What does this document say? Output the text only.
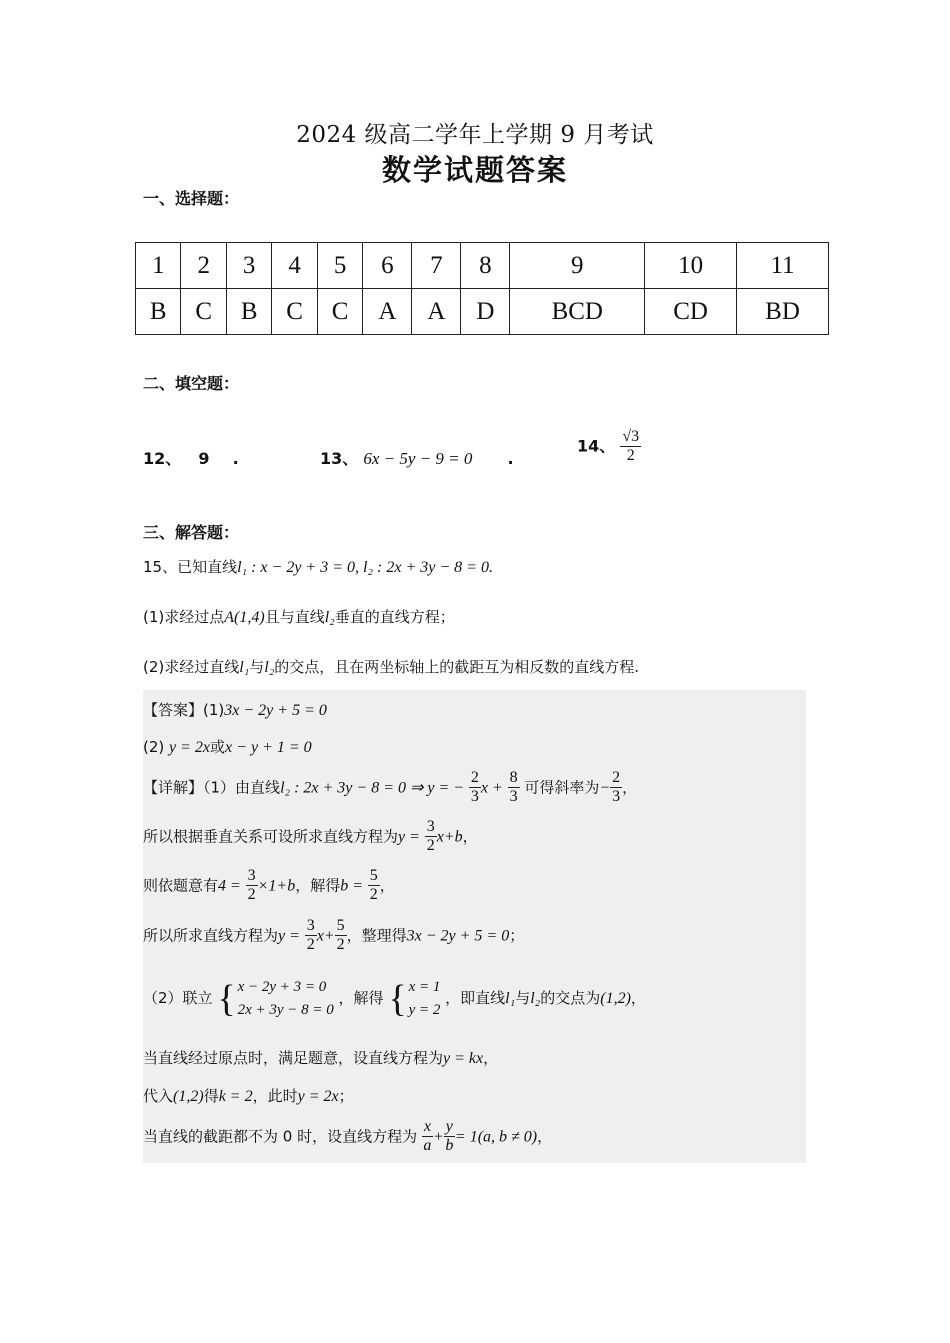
2024 级高二学年上学期 9 月考试
数学试题答案
一、选择题：
1	2	3	4	5	6	7	8	9	10	11
B	C	B	C	C	A	A	D	BCD	CD	BD
二、填空题：
12、 9 .	13、 6x − 5y − 9 = 0 .
14、 $\frac{√3}{2}$
三、解答题：
15、已知直线l₁ : x − 2y + 3 = 0, l₂ : 2x + 3y − 8 = 0.
(1)求经过点A(1,4)且与直线l₂垂直的直线方程；
(2)求经过直线l₁与l₂的交点，且在两坐标轴上的截距互为相反数的直线方程.
【答案】(1)3x − 2y + 5 = 0
(2) y = 2x或x − y + 1 = 0
【详解】（1）由直线l₂ : 2x + 3y − 8 = 0 ⇒ y = − $\frac{2}{3}$ $x + \frac{8}{3}$ 可得斜率为− $\frac{2}{3}$ ，
所以根据垂直关系可设所求直线方程为$y = \frac{3}{2} x+b$，
则依题意有$4 = \frac{3}{2} \times 1+b$，解得$b = \frac{5}{2}$ ，
所以所求直线方程为$y = \frac{3}{2} x+ \frac{5}{2}$ ，整理得3x − 2y + 5 = 0；
（2）联立 { x − 2y + 3 = 0
2x + 3y − 8 = 0
，解得 { x = 1
y = 2
，即直线l₁与l₂的交点为(1,2)，
当直线经过原点时，满足题意，设直线方程为y = kx，
代入(1,2)得k = 2，此时y = 2x；
当直线的截距都不为 0 时，设直线方程为 $\frac{x}{a} + \frac{y}{b} = 1(a$, b ≠ 0)，
